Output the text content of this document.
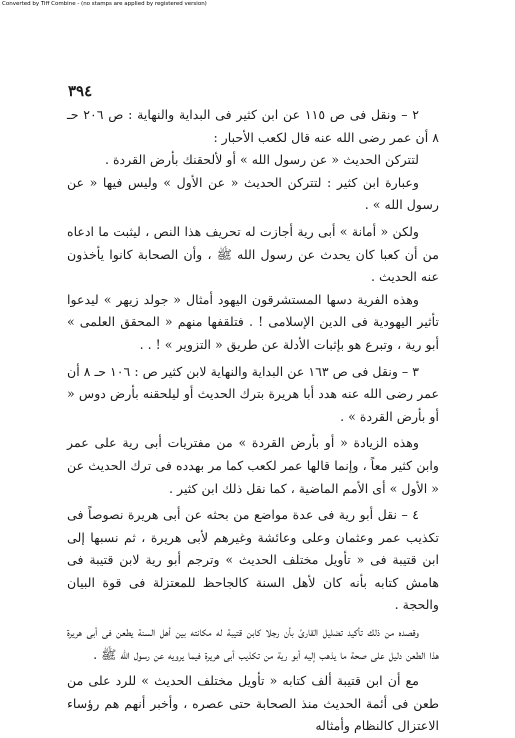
Converted by Tiff Combine - (no stamps are applied by registered version)
٣٩٤

٢ – ونقل فى ص ١١٥ عن ابن كثير فى البداية والنهاية : ص ٢٠٦ حـ ٨ أن عمر رضى الله عنه قال لكعب الأحبار :

لتتركن الحديث « عن رسول الله » أو لألحقنك بأرض القردة .

وعبارة ابن كثير : لتتركن الحديث « عن الأول » وليس فيها « عن رسول الله » .

ولكن « أمانة » أبى رية أجازت له تحريف هذا النص ، ليثبت ما ادعاه من أن كعبا كان يحدث عن رسول الله ﷺ ، وأن الصحابة كانوا يأخذون عنه الحديث .

وهذه الفرية دسها المستشرقون اليهود أمثال « جولد زيهر » ليدعوا تأثير اليهودية فى الدين الإسلامى ! . فتلقفها منهم « المحقق العلمى » أبو رية ، وتبرع هو بإثبات الأدلة عن طريق « التزوير » ! . .

٣ – ونقل فى ص ١٦٣ عن البداية والنهاية لابن كثير ص : ١٠٦ حـ ٨ أن عمر رضى الله عنه هدد أبا هريرة بترك الحديث أو ليلحقنه بأرض دوس « أو بأرض القردة » .

وهذه الزيادة « أو بأرض القردة » من مفتريات أبى رية على عمر وابن كثير معاً ، وإنما قالها عمر لكعب كما مر بهدده فى ترك الحديث عن « الأول » أى الأمم الماضية ، كما نقل ذلك ابن كثير .

٤ – نقل أبو رية فى عدة مواضع من بحثه عن أبى هريرة نصوصاً فى تكذيب عمر وعثمان وعلى وعائشة وغيرهم لأبى هريرة ، ثم نسبها إلى ابن قتيبة فى « تأويل مختلف الحديث » وترجم أبو رية لابن قتيبة فى هامش كتابه بأنه كان لأهل السنة كالجاحظ للمعتزلة فى قوة البيان والحجة .

وقصده من ذلك تأكيد تضليل القارئ بأن رجلا كابن قتيبة له مكانته بين أهل السنة يطعن فى أبى هريرة هذا الطعن دليل على صحة ما يذهب إليه أبو رية من تكذيب أبى هريرة فيما يرويه عن رسول الله ﷺ .

مع أن ابن قتيبة ألف كتابه « تأويل مختلف الحديث » للرد على من طعن فى أئمة الحديث منذ الصحابة حتى عصره ، وأخبر أنهم هم رؤساء الاعتزال كالنظام وأمثاله
